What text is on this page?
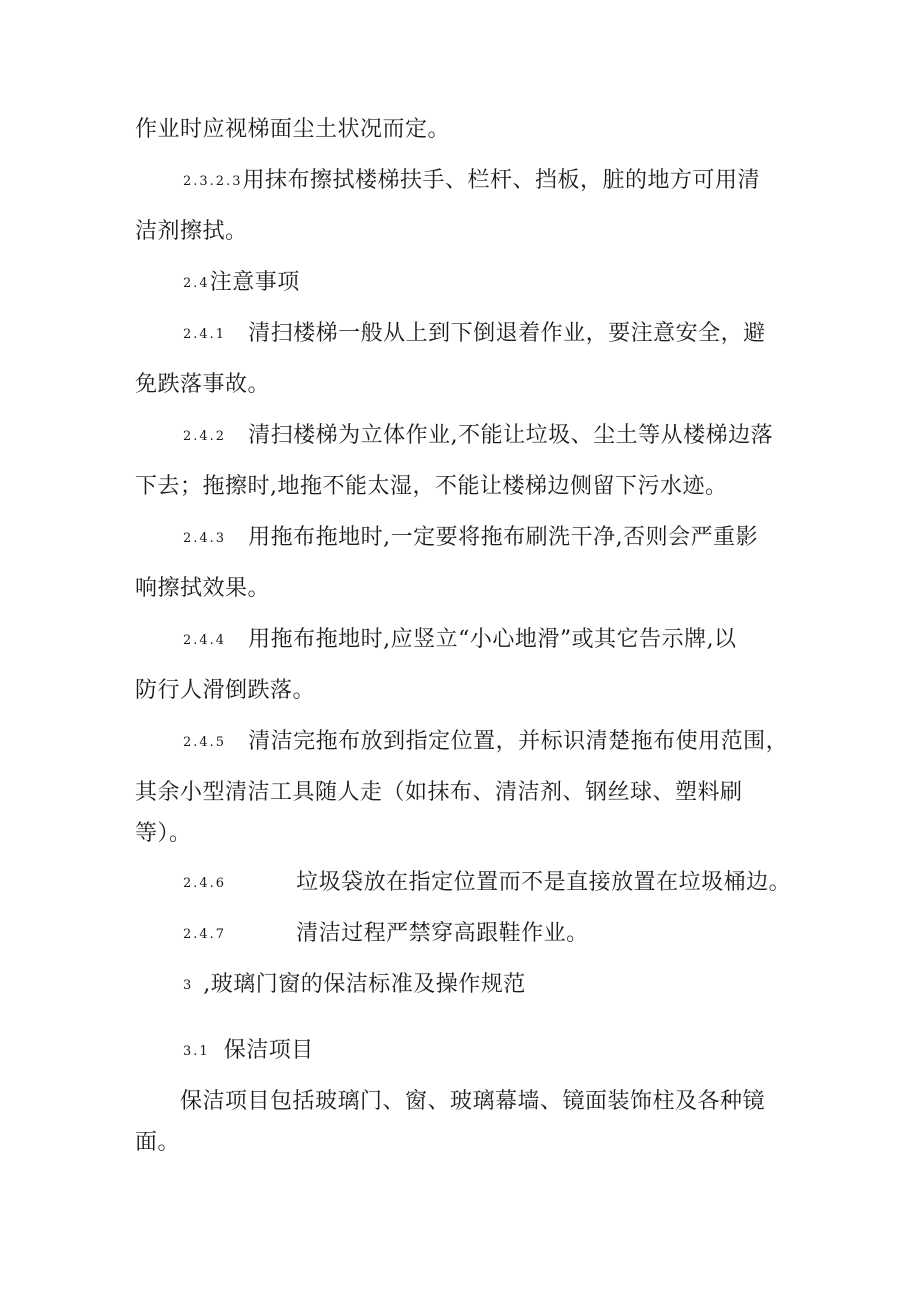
作业时应视梯面尘土状况而定。
2.3.2.3用抹布擦拭楼梯扶手、栏杆、挡板，脏的地方可用清
洁剂擦拭。
2.4注意事项
2.4.1 清扫楼梯一般从上到下倒退着作业，要注意安全，避
免跌落事故。
2.4.2 清扫楼梯为立体作业,不能让垃圾、尘土等从楼梯边落
下去；拖擦时,地拖不能太湿，不能让楼梯边侧留下污水迹。
2.4.3 用拖布拖地时,一定要将拖布刷洗干净,否则会严重影
响擦拭效果。
2.4.4 用拖布拖地时,应竖立“小心地滑”或其它告示牌,以
防行人滑倒跌落。
2.4.5 清洁完拖布放到指定位置，并标识清楚拖布使用范围，
其余小型清洁工具随人走（如抹布、清洁剂、钢丝球、塑料刷
等）。
2.4.6	垃圾袋放在指定位置而不是直接放置在垃圾桶边。
2.4.7	清洁过程严禁穿高跟鞋作业。
3 ,玻璃门窗的保洁标准及操作规范
3.1 保洁项目
保洁项目包括玻璃门、窗、玻璃幕墙、镜面装饰柱及各种镜
面。
